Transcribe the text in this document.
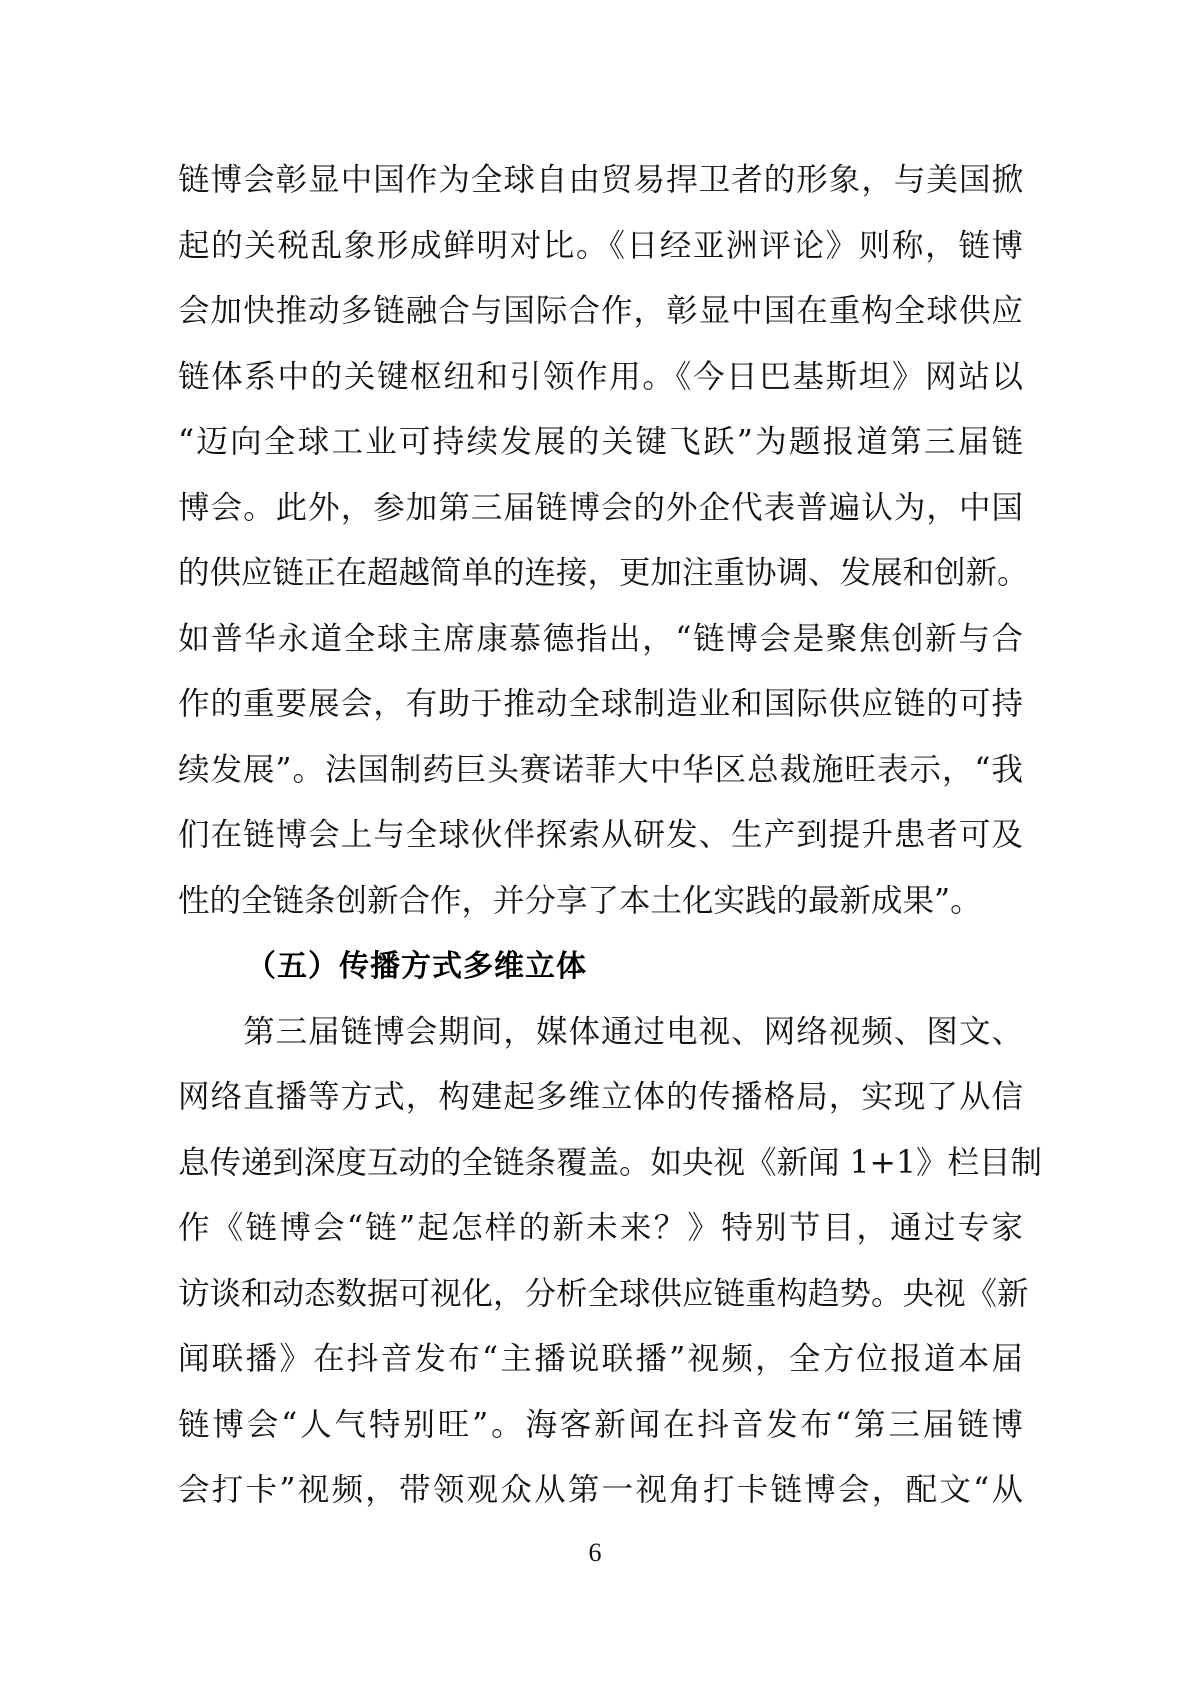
链博会彰显中国作为全球自由贸易捍卫者的形象，与美国掀
起的关税乱象形成鲜明对比。《日经亚洲评论》则称，链博
会加快推动多链融合与国际合作，彰显中国在重构全球供应
链体系中的关键枢纽和引领作用。《今日巴基斯坦》网站以
“迈向全球工业可持续发展的关键飞跃”为题报道第三届链
博会。此外，参加第三届链博会的外企代表普遍认为，中国
的供应链正在超越简单的连接，更加注重协调、发展和创新。
如普华永道全球主席康慕德指出，“链博会是聚焦创新与合
作的重要展会，有助于推动全球制造业和国际供应链的可持
续发展”。法国制药巨头赛诺菲大中华区总裁施旺表示，“我
们在链博会上与全球伙伴探索从研发、生产到提升患者可及
性的全链条创新合作，并分享了本土化实践的最新成果”。
（五）传播方式多维立体
　　第三届链博会期间，媒体通过电视、网络视频、图文、
网络直播等方式，构建起多维立体的传播格局，实现了从信
息传递到深度互动的全链条覆盖。如央视《新闻 1+1》栏目制
作《链博会“链”起怎样的新未来？》特别节目，通过专家
访谈和动态数据可视化，分析全球供应链重构趋势。央视《新
闻联播》在抖音发布“主播说联播”视频，全方位报道本届
链博会“人气特别旺”。海客新闻在抖音发布“第三届链博
会打卡”视频，带领观众从第一视角打卡链博会，配文“从
6
